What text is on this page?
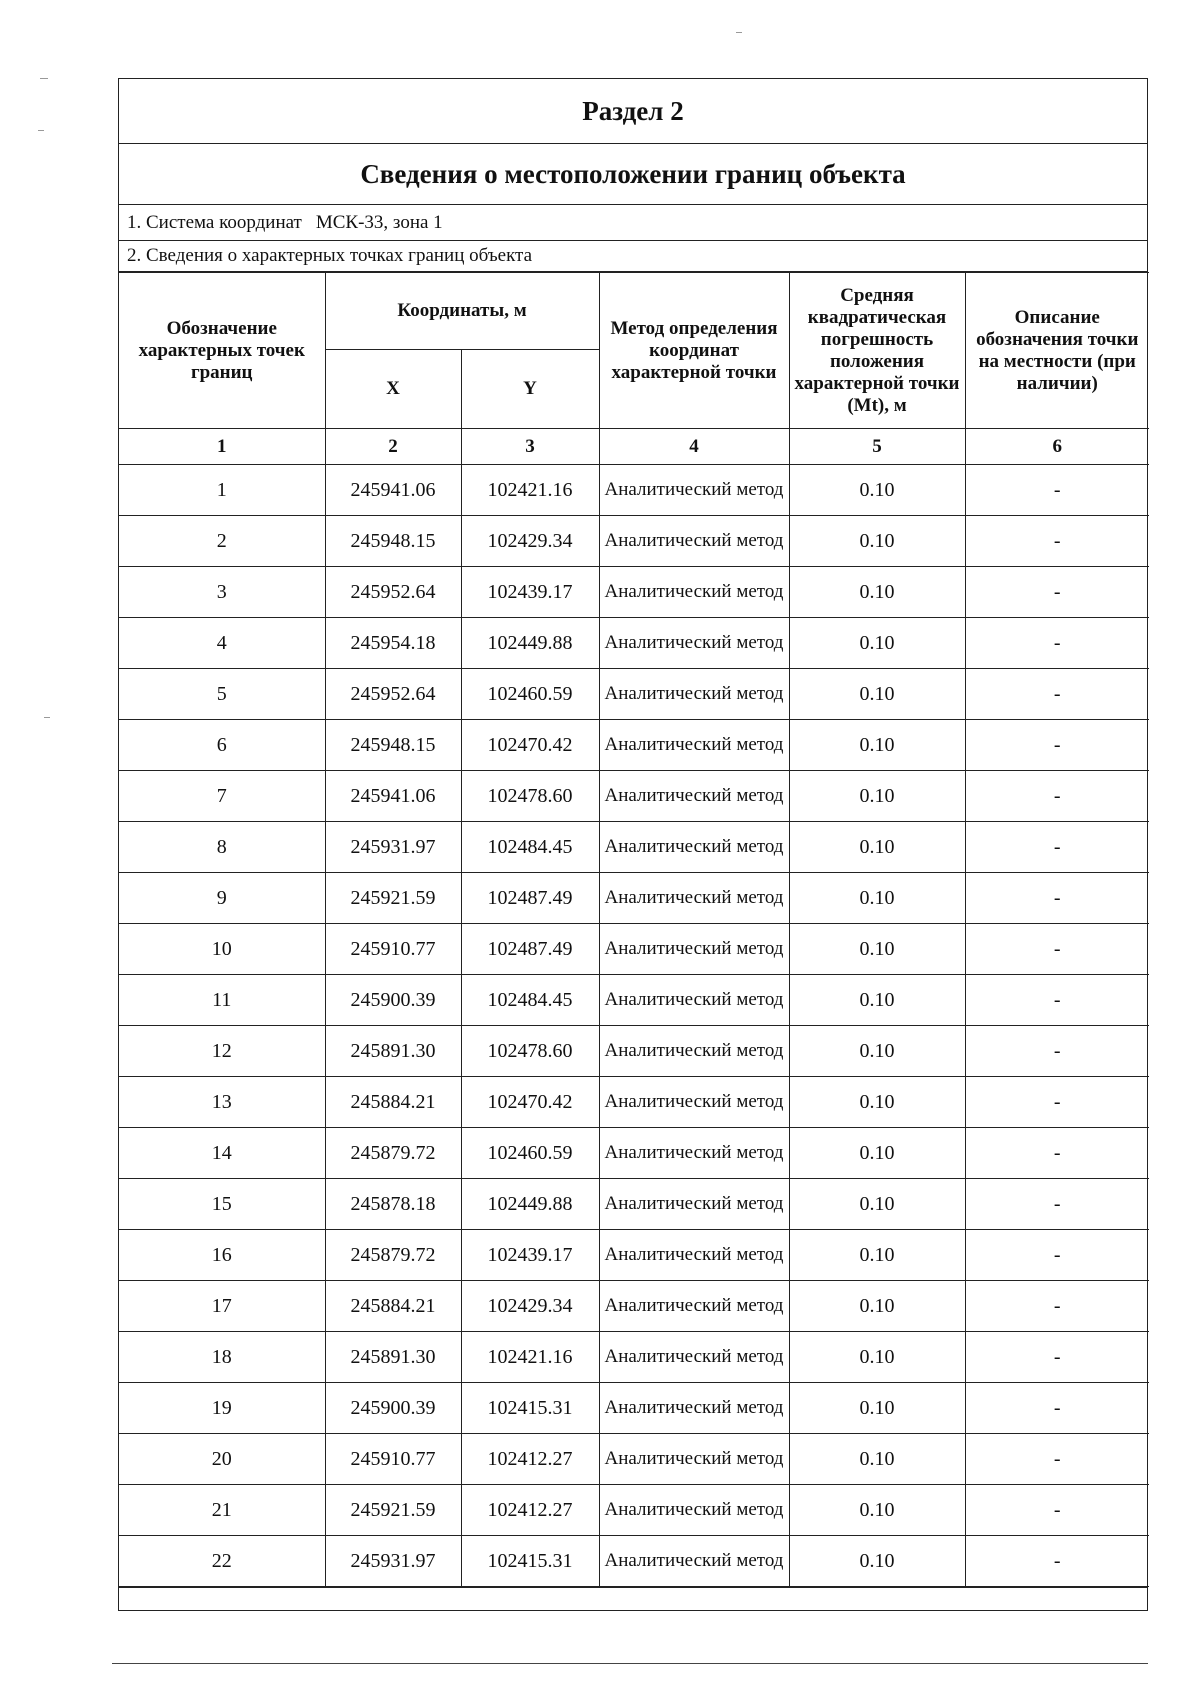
Раздел 2
Сведения о местоположении границ объекта
1. Система координат МСК-33, зона 1
2. Сведения о характерных точках границ объекта
Обозначение характерных точек границ	Координаты, м		Метод определения координат характерной точки	Средняя квадратическая погрешность положения характерной точки (Mt), м	Описание обозначения точки на местности (при наличии)
	X	Y			
1	2	3	4	5	6
1	245941.06	102421.16	Аналитический метод	0.10	-
2	245948.15	102429.34	Аналитический метод	0.10	-
3	245952.64	102439.17	Аналитический метод	0.10	-
4	245954.18	102449.88	Аналитический метод	0.10	-
5	245952.64	102460.59	Аналитический метод	0.10	-
6	245948.15	102470.42	Аналитический метод	0.10	-
7	245941.06	102478.60	Аналитический метод	0.10	-
8	245931.97	102484.45	Аналитический метод	0.10	-
9	245921.59	102487.49	Аналитический метод	0.10	-
10	245910.77	102487.49	Аналитический метод	0.10	-
11	245900.39	102484.45	Аналитический метод	0.10	-
12	245891.30	102478.60	Аналитический метод	0.10	-
13	245884.21	102470.42	Аналитический метод	0.10	-
14	245879.72	102460.59	Аналитический метод	0.10	-
15	245878.18	102449.88	Аналитический метод	0.10	-
16	245879.72	102439.17	Аналитический метод	0.10	-
17	245884.21	102429.34	Аналитический метод	0.10	-
18	245891.30	102421.16	Аналитический метод	0.10	-
19	245900.39	102415.31	Аналитический метод	0.10	-
20	245910.77	102412.27	Аналитический метод	0.10	-
21	245921.59	102412.27	Аналитический метод	0.10	-
22	245931.97	102415.31	Аналитический метод	0.10	-
